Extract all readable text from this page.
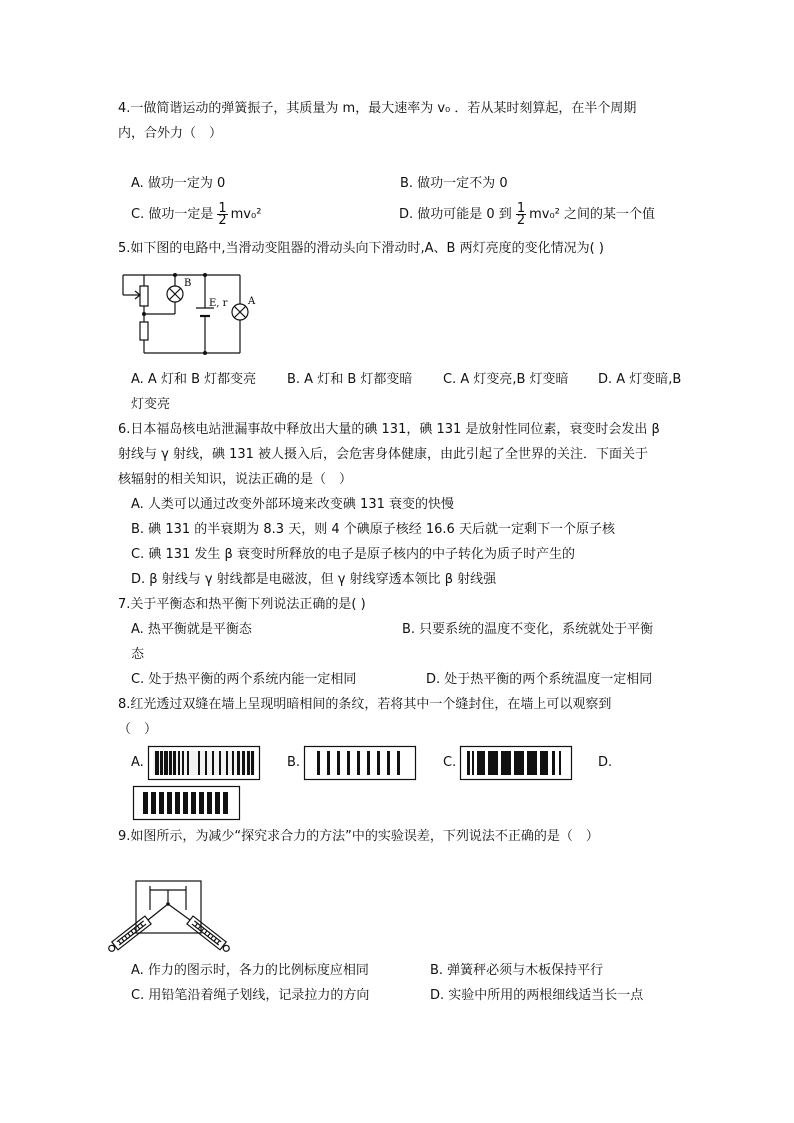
4.一做简谐运动的弹簧振子，其质量为 m，最大速率为 v₀ ．若从某时刻算起，在半个周期
内，合外力（　）
A. 做功一定为 0	B. 做功一定不为 0
C. 做功一定是 $\frac{1}{2} mv_0^2$	D. 做功可能是 0 到 $\frac{1}{2} mv_0^2$ 之间的某一个值
5.如下图的电路中,当滑动变阻器的滑动头向下滑动时,A、B 两灯亮度的变化情况为( )
B
A
E, r
A. A 灯和 B 灯都变亮 B. A 灯和 B 灯都变暗 C. A 灯变亮,B 灯变暗 D. A 灯变暗,B
灯变亮
6.日本福岛核电站泄漏事故中释放出大量的碘 131，碘 131 是放射性同位素，衰变时会发出 β
射线与 γ 射线，碘 131 被人摄入后，会危害身体健康，由此引起了全世界的关注．下面关于
核辐射的相关知识，说法正确的是（　）
A. 人类可以通过改变外部环境来改变碘 131 衰变的快慢
B. 碘 131 的半衰期为 8.3 天，则 4 个碘原子核经 16.6 天后就一定剩下一个原子核
C. 碘 131 发生 β 衰变时所释放的电子是原子核内的中子转化为质子时产生的
D. β 射线与 γ 射线都是电磁波，但 γ 射线穿透本领比 β 射线强
7.关于平衡态和热平衡下列说法正确的是( )
A. 热平衡就是平衡态	B. 只要系统的温度不变化，系统就处于平衡
态
C. 处于热平衡的两个系统内能一定相同	D. 处于热平衡的两个系统温度一定相同
8.红光透过双缝在墙上呈现明暗相间的条纹，若将其中一个缝封住，在墙上可以观察到
（　）
A.	B.	C.	D.
9.如图所示，为减少“探究求合力的方法”中的实验误差，下列说法不正确的是（　）
A. 作力的图示时，各力的比例标度应相同	B. 弹簧秤必须与木板保持平行
C. 用铅笔沿着绳子划线，记录拉力的方向	D. 实验中所用的两根细线适当长一点
